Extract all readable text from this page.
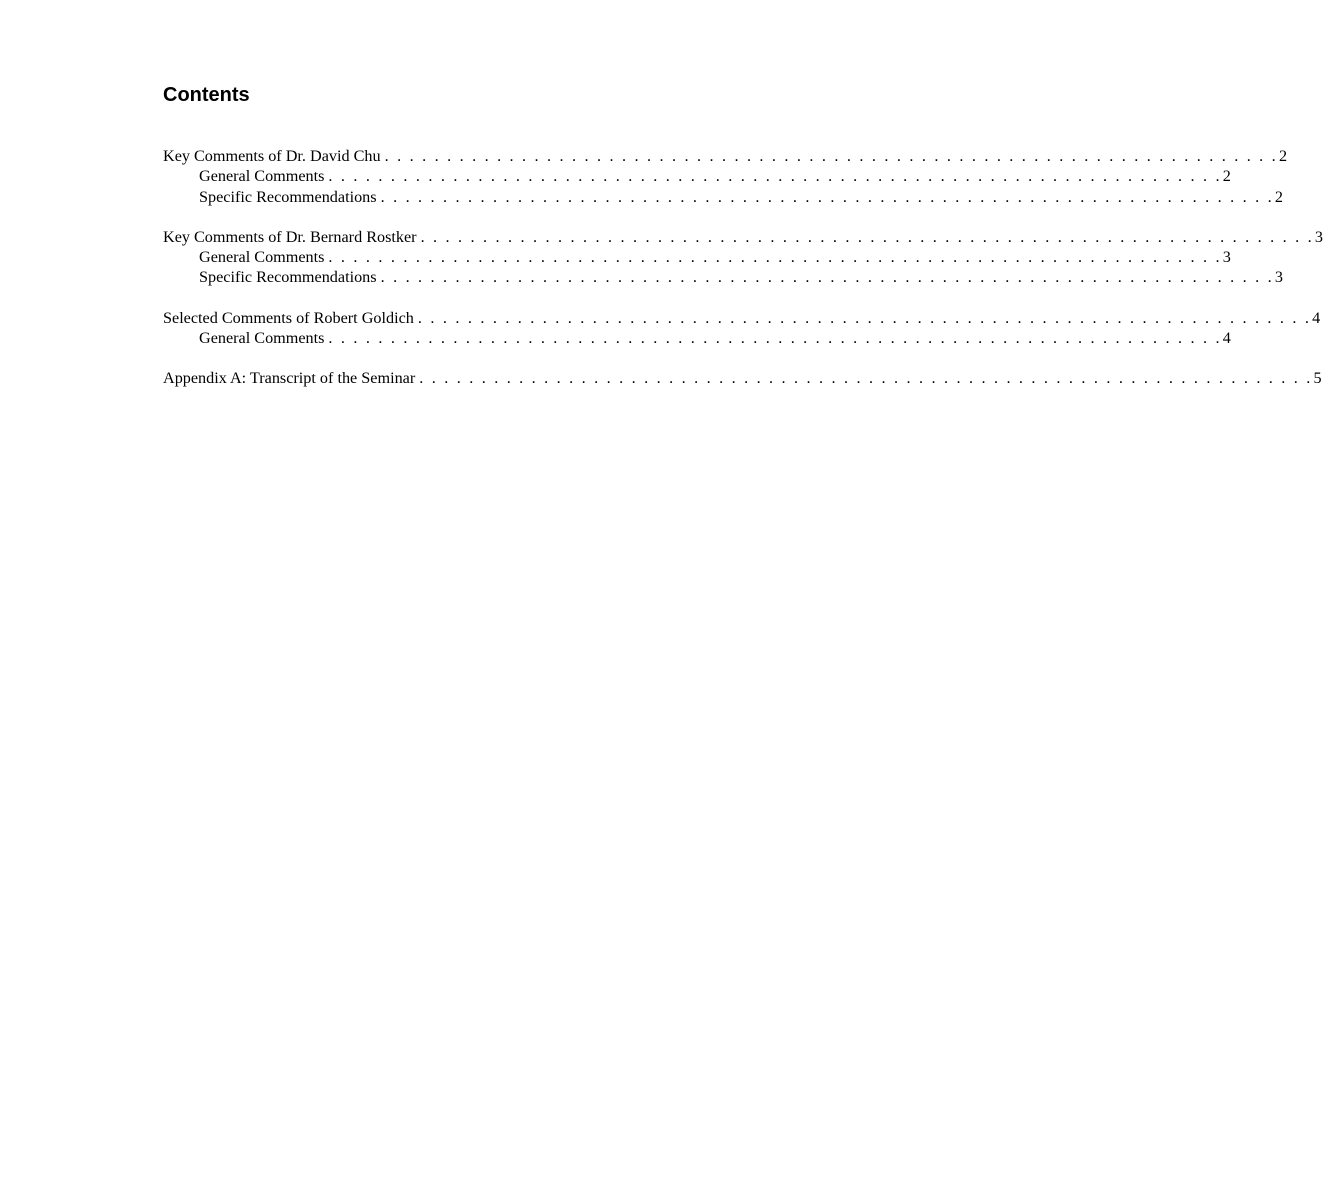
Contents
Key Comments of Dr. David Chu . . . . . . . . . . . . . . . . . . . . . . . . . . . . . . . . . . . . . . . . . . . . . . . . . . . . . . . . . . . . . . . . . . . . . . . . 2
General Comments . . . . . . . . . . . . . . . . . . . . . . . . . . . . . . . . . . . . . . . . . . . . . . . . . . . . . . . . . . . . . . . . . . . . . . . . 2
Specific Recommendations . . . . . . . . . . . . . . . . . . . . . . . . . . . . . . . . . . . . . . . . . . . . . . . . . . . . . . . . . . . . . . . . . . . . . . . . 2
Key Comments of Dr. Bernard Rostker . . . . . . . . . . . . . . . . . . . . . . . . . . . . . . . . . . . . . . . . . . . . . . . . . . . . . . . . . . . . . . . . . . . . . . . . 3
General Comments . . . . . . . . . . . . . . . . . . . . . . . . . . . . . . . . . . . . . . . . . . . . . . . . . . . . . . . . . . . . . . . . . . . . . . . . 3
Specific Recommendations . . . . . . . . . . . . . . . . . . . . . . . . . . . . . . . . . . . . . . . . . . . . . . . . . . . . . . . . . . . . . . . . . . . . . . . . 3
Selected Comments of Robert Goldich . . . . . . . . . . . . . . . . . . . . . . . . . . . . . . . . . . . . . . . . . . . . . . . . . . . . . . . . . . . . . . . . . . . . . . . . 4
General Comments . . . . . . . . . . . . . . . . . . . . . . . . . . . . . . . . . . . . . . . . . . . . . . . . . . . . . . . . . . . . . . . . . . . . . . . . 4
Appendix A: Transcript of the Seminar . . . . . . . . . . . . . . . . . . . . . . . . . . . . . . . . . . . . . . . . . . . . . . . . . . . . . . . . . . . . . . . . . . . . . . . . 5
